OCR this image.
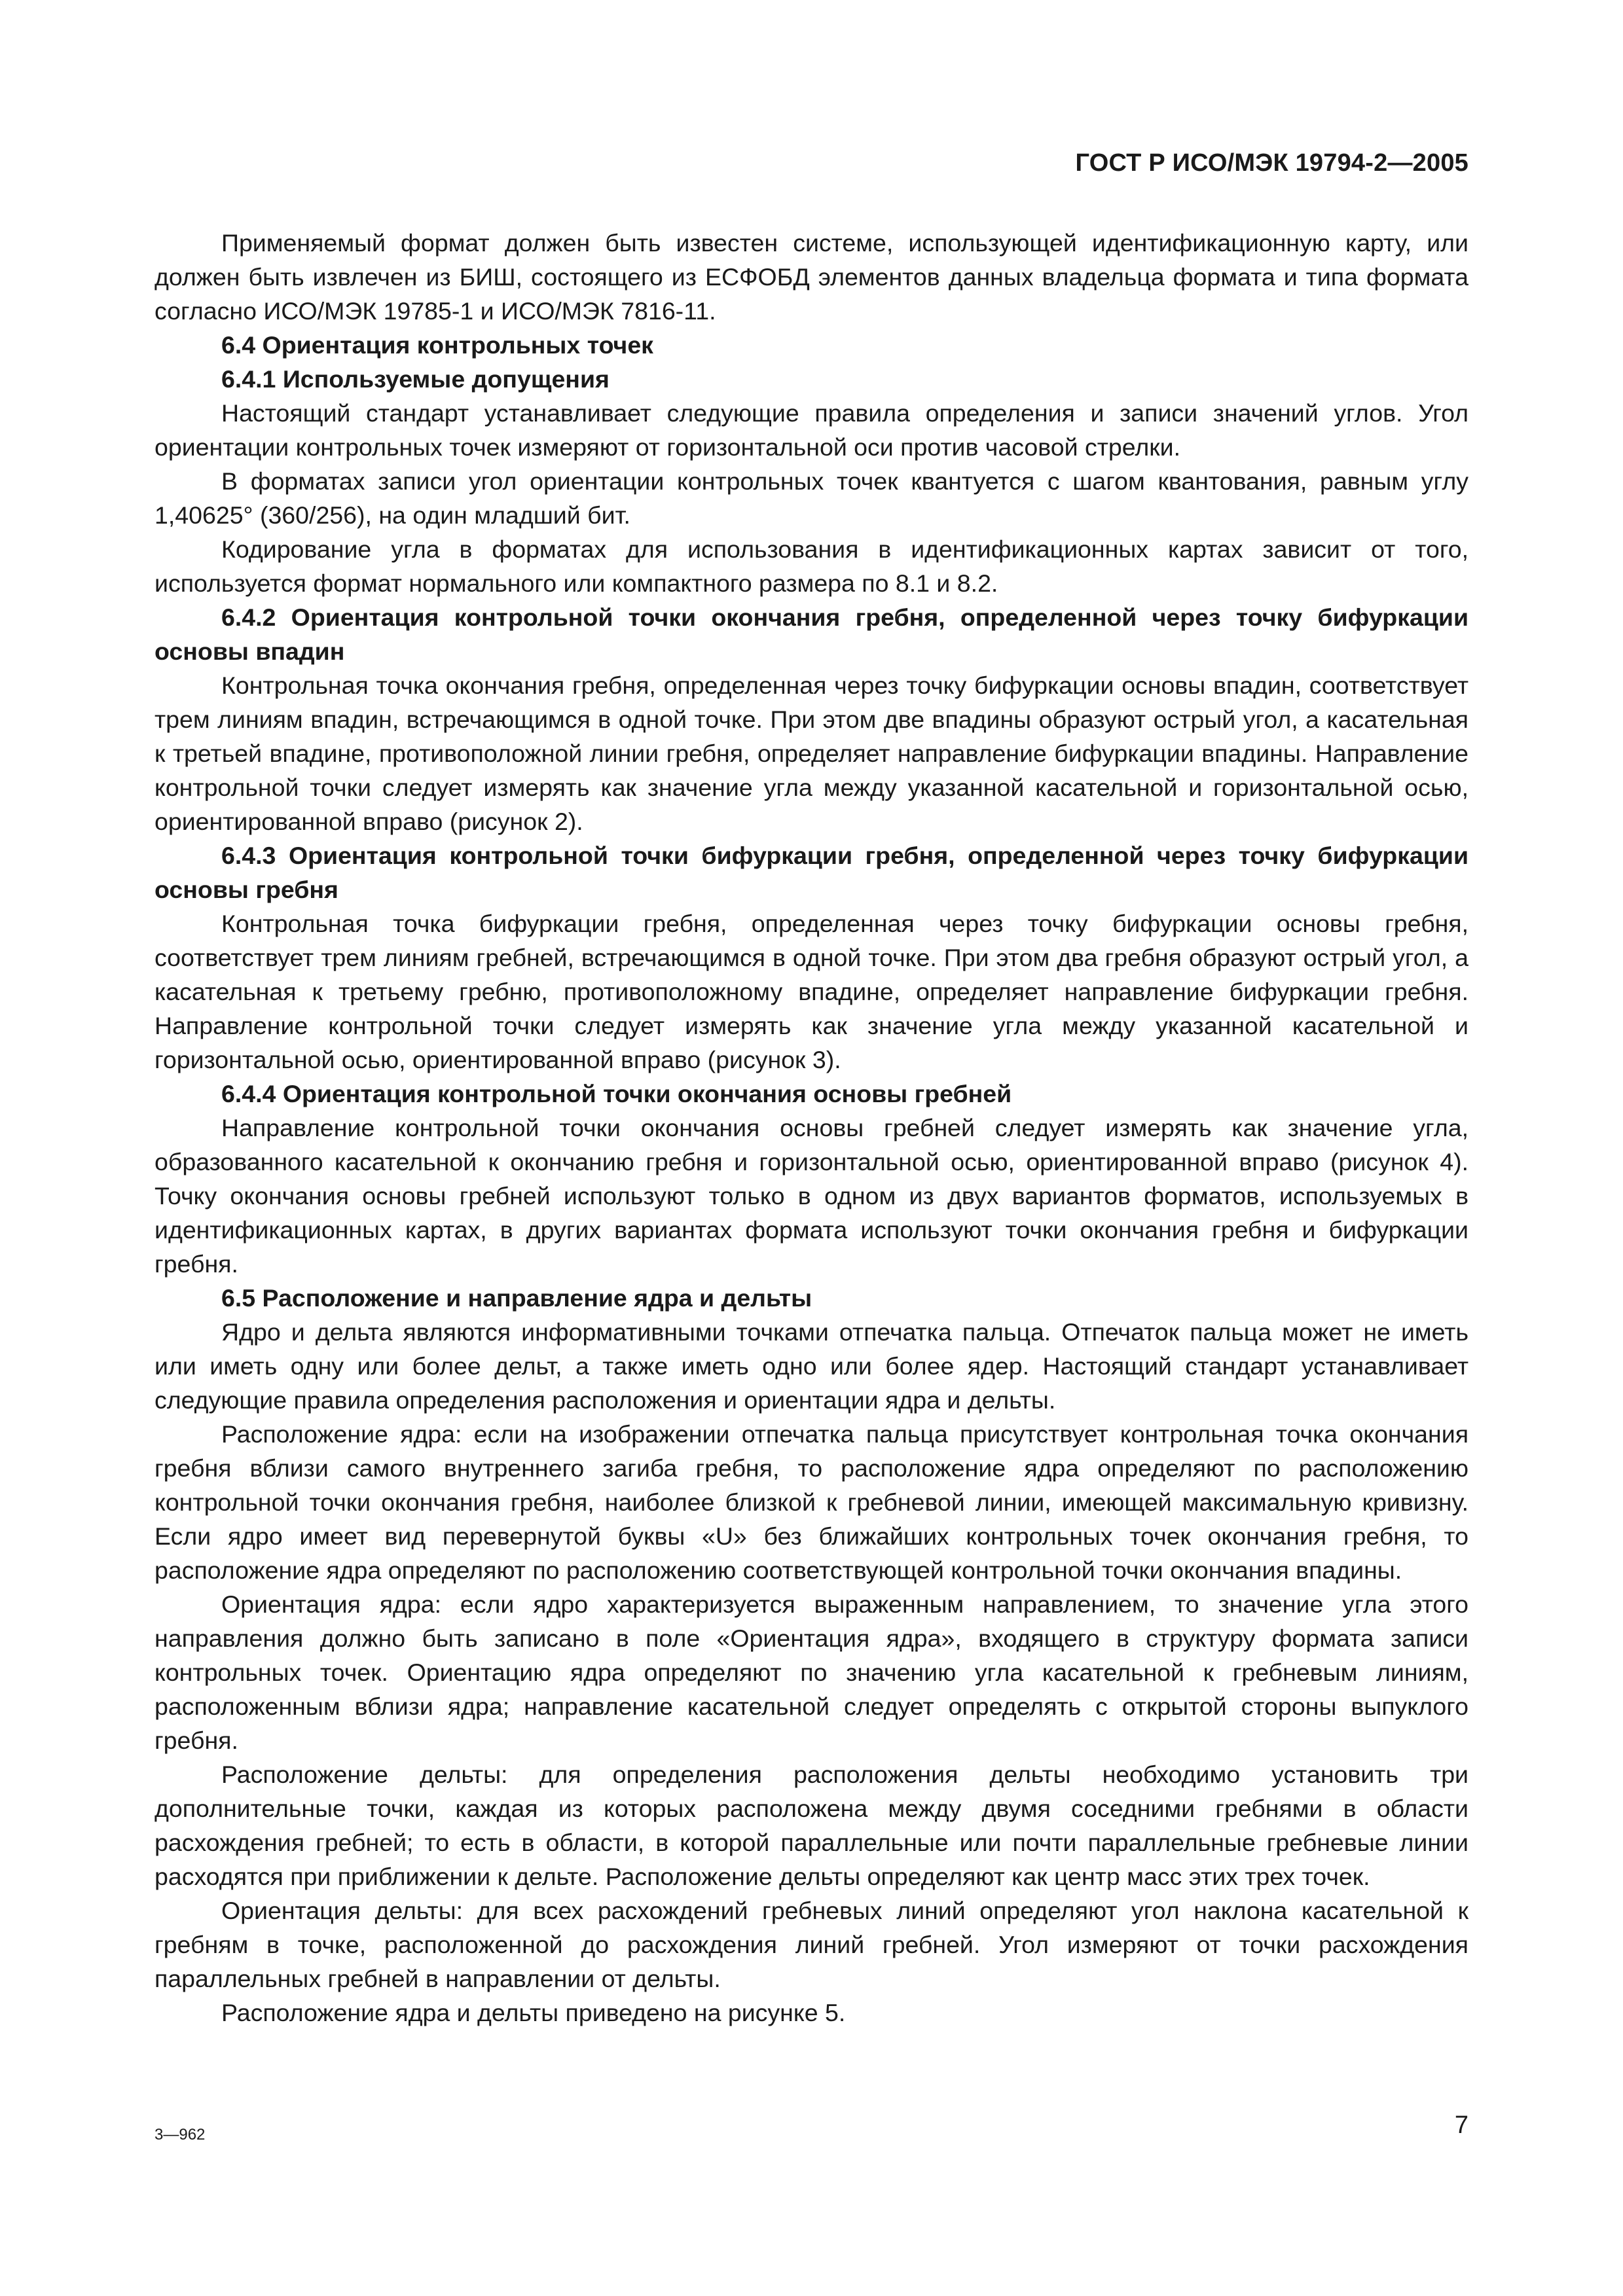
ГОСТ Р ИСО/МЭК 19794-2—2005

Применяемый формат должен быть известен системе, использующей идентификационную карту, или должен быть извлечен из БИШ, состоящего из ЕСФОБД элементов данных владельца формата и типа формата согласно ИСО/МЭК 19785-1 и ИСО/МЭК 7816-11.

6.4 Ориентация контрольных точек
6.4.1 Используемые допущения

Настоящий стандарт устанавливает следующие правила определения и записи значений углов. Угол ориентации контрольных точек измеряют от горизонтальной оси против часовой стрелки.

В форматах записи угол ориентации контрольных точек квантуется с шагом квантования, равным углу 1,40625° (360/256), на один младший бит.

Кодирование угла в форматах для использования в идентификационных картах зависит от того, используется формат нормального или компактного размера по 8.1 и 8.2.

6.4.2 Ориентация контрольной точки окончания гребня, определенной через точку бифуркации основы впадин

Контрольная точка окончания гребня, определенная через точку бифуркации основы впадин, соответствует трем линиям впадин, встречающимся в одной точке. При этом две впадины образуют острый угол, а касательная к третьей впадине, противоположной линии гребня, определяет направление бифуркации впадины. Направление контрольной точки следует измерять как значение угла между указанной касательной и горизонтальной осью, ориентированной вправо (рисунок 2).

6.4.3 Ориентация контрольной точки бифуркации гребня, определенной через точку бифуркации основы гребня

Контрольная точка бифуркации гребня, определенная через точку бифуркации основы гребня, соответствует трем линиям гребней, встречающимся в одной точке. При этом два гребня образуют острый угол, а касательная к третьему гребню, противоположному впадине, определяет направление бифуркации гребня. Направление контрольной точки следует измерять как значение угла между указанной касательной и горизонтальной осью, ориентированной вправо (рисунок 3).

6.4.4 Ориентация контрольной точки окончания основы гребней

Направление контрольной точки окончания основы гребней следует измерять как значение угла, образованного касательной к окончанию гребня и горизонтальной осью, ориентированной вправо (рисунок 4). Точку окончания основы гребней используют только в одном из двух вариантов форматов, используемых в идентификационных картах, в других вариантах формата используют точки окончания гребня и бифуркации гребня.

6.5 Расположение и направление ядра и дельты

Ядро и дельта являются информативными точками отпечатка пальца. Отпечаток пальца может не иметь или иметь одну или более дельт, а также иметь одно или более ядер. Настоящий стандарт устанавливает следующие правила определения расположения и ориентации ядра и дельты.

Расположение ядра: если на изображении отпечатка пальца присутствует контрольная точка окончания гребня вблизи самого внутреннего загиба гребня, то расположение ядра определяют по расположению контрольной точки окончания гребня, наиболее близкой к гребневой линии, имеющей максимальную кривизну. Если ядро имеет вид перевернутой буквы «U» без ближайших контрольных точек окончания гребня, то расположение ядра определяют по расположению соответствующей контрольной точки окончания впадины.

Ориентация ядра: если ядро характеризуется выраженным направлением, то значение угла этого направления должно быть записано в поле «Ориентация ядра», входящего в структуру формата записи контрольных точек. Ориентацию ядра определяют по значению угла касательной к гребневым линиям, расположенным вблизи ядра; направление касательной следует определять с открытой стороны выпуклого гребня.

Расположение дельты: для определения расположения дельты необходимо установить три дополнительные точки, каждая из которых расположена между двумя соседними гребнями в области расхождения гребней; то есть в области, в которой параллельные или почти параллельные гребневые линии расходятся при приближении к дельте. Расположение дельты определяют как центр масс этих трех точек.

Ориентация дельты: для всех расхождений гребневых линий определяют угол наклона касательной к гребням в точке, расположенной до расхождения линий гребней. Угол измеряют от точки расхождения параллельных гребней в направлении от дельты.

Расположение ядра и дельты приведено на рисунке 5.

3—962	7
